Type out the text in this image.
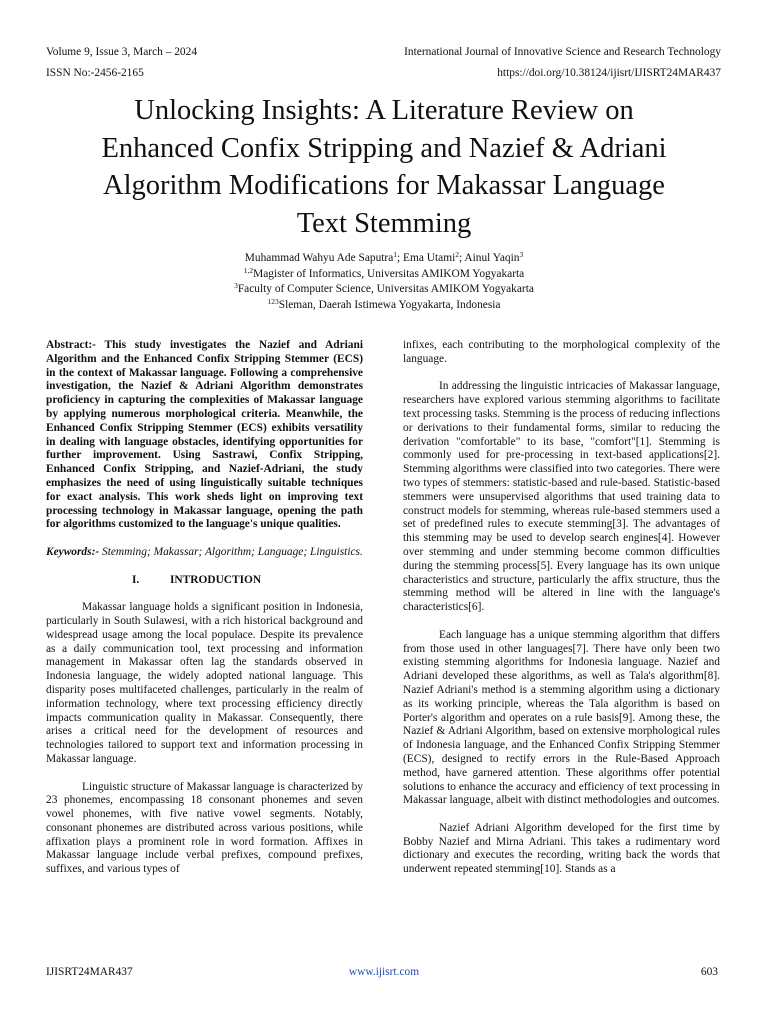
Volume 9, Issue 3, March – 2024
ISSN No:-2456-2165
International Journal of Innovative Science and Research Technology
https://doi.org/10.38124/ijisrt/IJISRT24MAR437
Unlocking Insights: A Literature Review on
Enhanced Confix Stripping and Nazief & Adriani
Algorithm Modifications for Makassar Language
Text Stemming
Muhammad Wahyu Ade Saputra$^1$; Ema Utami$^2$; Ainul Yaqin$^3$
$^{1,2}$Magister of Informatics, Universitas AMIKOM Yogyakarta
$^3$Faculty of Computer Science, Universitas AMIKOM Yogyakarta
$^{123}$Sleman, Daerah Istimewa Yogyakarta, Indonesia

Abstract:- This study investigates the Nazief and Adriani Algorithm and the Enhanced Confix Stripping Stemmer (ECS) in the context of Makassar language. Following a comprehensive investigation, the Nazief & Adriani Algorithm demonstrates proficiency in capturing the complexities of Makassar language by applying numerous morphological criteria. Meanwhile, the Enhanced Confix Stripping Stemmer (ECS) exhibits versatility in dealing with language obstacles, identifying opportunities for further improvement. Using Sastrawi, Confix Stripping, Enhanced Confix Stripping, and Nazief-Adriani, the study emphasizes the need of using linguistically suitable techniques for exact analysis. This work sheds light on improving text processing technology in Makassar language, opening the path for algorithms customized to the language's unique qualities.

Keywords:- Stemming; Makassar; Algorithm; Language; Linguistics.

I.	INTRODUCTION

Makassar language holds a significant position in Indonesia, particularly in South Sulawesi, with a rich historical background and widespread usage among the local populace. Despite its prevalence as a daily communication tool, text processing and information management in Makassar often lag the standards observed in Indonesia language, the widely adopted national language. This disparity poses multifaceted challenges, particularly in the realm of information technology, where text processing efficiency directly impacts communication quality in Makassar. Consequently, there arises a critical need for the development of resources and technologies tailored to support text and information processing in Makassar language.

Linguistic structure of Makassar language is characterized by 23 phonemes, encompassing 18 consonant phonemes and seven vowel phonemes, with five native vowel segments. Notably, consonant phonemes are distributed across various positions, while affixation plays a prominent role in word formation. Affixes in Makassar language include verbal prefixes, compound prefixes, suffixes, and various types of

infixes, each contributing to the morphological complexity of the language.

In addressing the linguistic intricacies of Makassar language, researchers have explored various stemming algorithms to facilitate text processing tasks. Stemming is the process of reducing inflections or derivations to their fundamental forms, similar to reducing the derivation "comfortable" to its base, "comfort"[1]. Stemming is commonly used for pre-processing in text-based applications[2]. Stemming algorithms were classified into two categories. There were two types of stemmers: statistic-based and rule-based. Statistic-based stemmers were unsupervised algorithms that used training data to construct models for stemming, whereas rule-based stemmers used a set of predefined rules to execute stemming[3]. The advantages of this stemming may be used to develop search engines[4]. However over stemming and under stemming become common difficulties during the stemming process[5]. Every language has its own unique characteristics and structure, particularly the affix structure, thus the stemming method will be altered in line with the language's characteristics[6].

Each language has a unique stemming algorithm that differs from those used in other languages[7]. There have only been two existing stemming algorithms for Indonesia language. Nazief and Adriani developed these algorithms, as well as Tala's algorithm[8]. Nazief Adriani's method is a stemming algorithm using a dictionary as its working principle, whereas the Tala algorithm is based on Porter's algorithm and operates on a rule basis[9]. Among these, the Nazief & Adriani Algorithm, based on extensive morphological rules of Indonesia language, and the Enhanced Confix Stripping Stemmer (ECS), designed to rectify errors in the Rule-Based Approach method, have garnered attention. These algorithms offer potential solutions to enhance the accuracy and efficiency of text processing in Makassar language, albeit with distinct methodologies and outcomes.

Nazief Adriani Algorithm developed for the first time by Bobby Nazief and Mirna Adriani. This takes a rudimentary word dictionary and executes the recording, writing back the words that underwent repeated stemming[10]. Stands as a

IJISRT24MAR437	www.ijisrt.com	603
